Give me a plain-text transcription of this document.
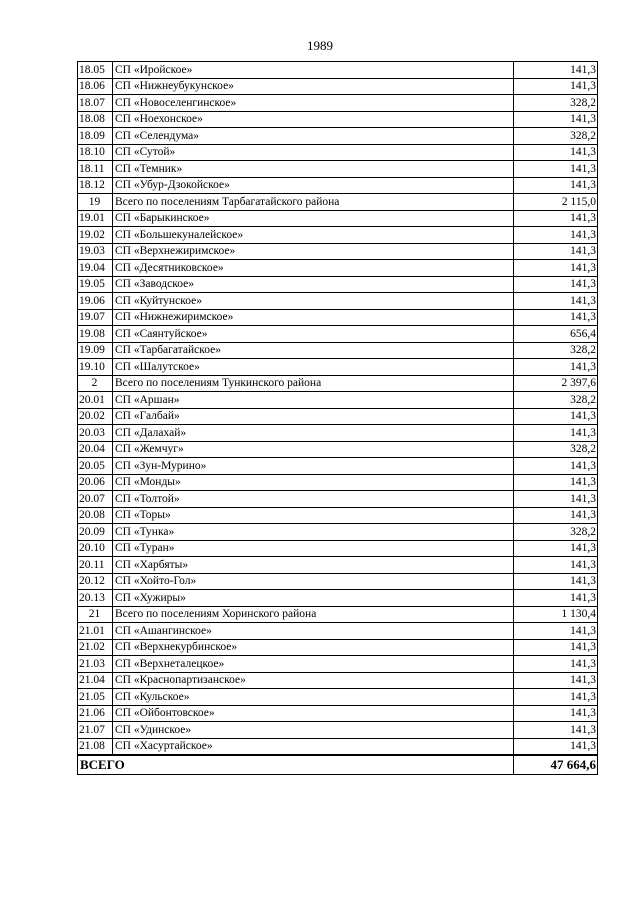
1989
18.05	СП «Иройское»	141,3
18.06	СП «Нижнеубукунское»	141,3
18.07	СП «Новоселенгинское»	328,2
18.08	СП «Ноехонское»	141,3
18.09	СП «Селендума»	328,2
18.10	СП «Сутой»	141,3
18.11	СП «Темник»	141,3
18.12	СП «Убур-Дзокойское»	141,3
19	Всего по поселениям Тарбагатайского района	2 115,0
19.01	СП «Барыкинское»	141,3
19.02	СП «Большекуналейское»	141,3
19.03	СП «Верхнежиримское»	141,3
19.04	СП «Десятниковское»	141,3
19.05	СП «Заводское»	141,3
19.06	СП «Куйтунское»	141,3
19.07	СП «Нижнежиримское»	141,3
19.08	СП «Саянтуйское»	656,4
19.09	СП «Тарбагатайское»	328,2
19.10	СП «Шалутское»	141,3
2	Всего по поселениям Тункинского района	2 397,6
20.01	СП «Аршан»	328,2
20.02	СП «Галбай»	141,3
20.03	СП «Далахай»	141,3
20.04	СП «Жемчуг»	328,2
20.05	СП «Зун-Мурино»	141,3
20.06	СП «Монды»	141,3
20.07	СП «Толтой»	141,3
20.08	СП «Торы»	141,3
20.09	СП «Тунка»	328,2
20.10	СП «Туран»	141,3
20.11	СП «Харбяты»	141,3
20.12	СП «Хойто-Гол»	141,3
20.13	СП «Хужиры»	141,3
21	Всего по поселениям Хоринского района	1 130,4
21.01	СП «Ашангинское»	141,3
21.02	СП «Верхнекурбинское»	141,3
21.03	СП «Верхнеталецкое»	141,3
21.04	СП «Краснопартизанское»	141,3
21.05	СП «Кульское»	141,3
21.06	СП «Ойбонтовское»	141,3
21.07	СП «Удинское»	141,3
21.08	СП «Хасуртайское»	141,3
ВСЕГО		47 664,6
